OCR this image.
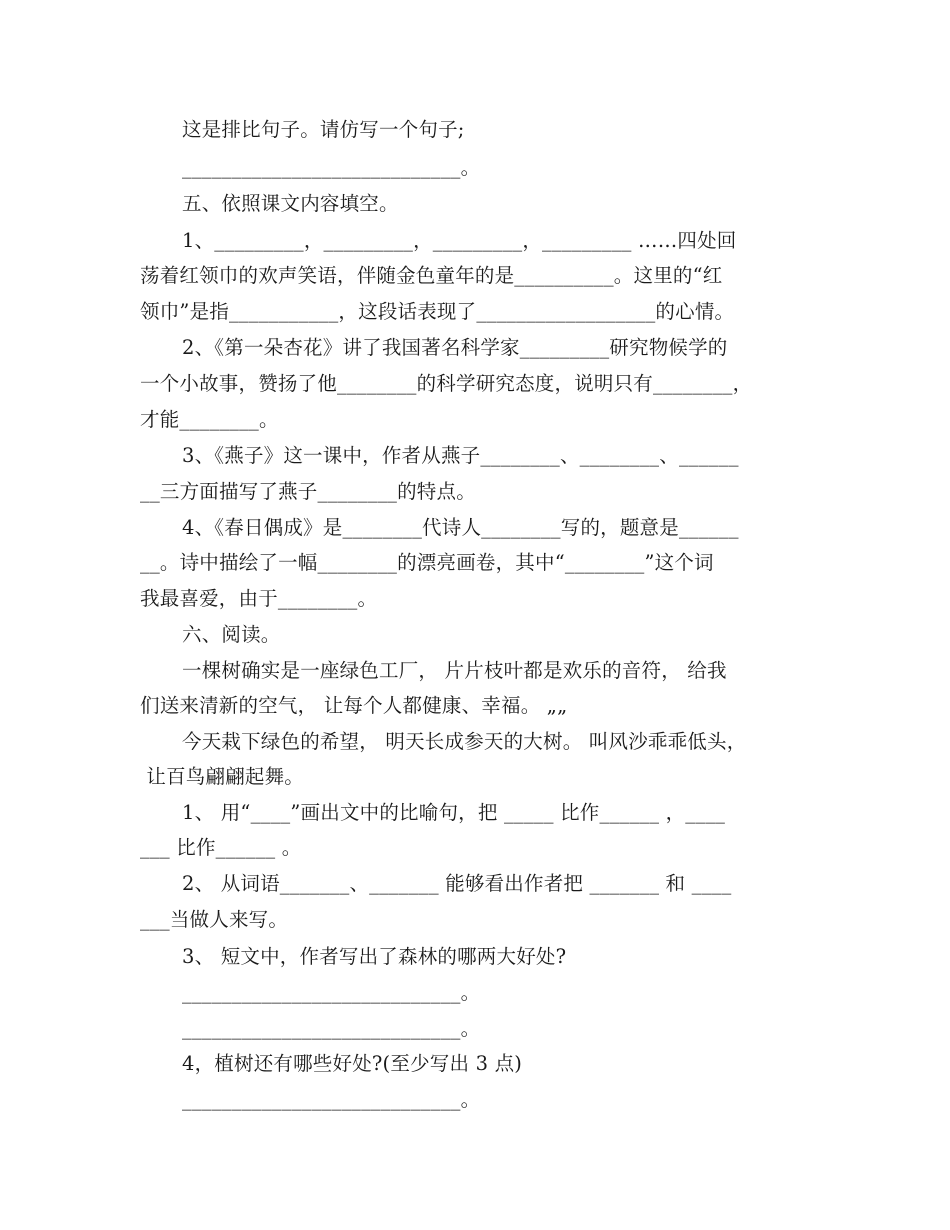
这是排比句子。请仿写一个句子;
____________________________。
五、依照课文内容填空。
1、_________，_________，_________，_________ ……四处回
荡着红领巾的欢声笑语，伴随金色童年的是__________。这里的“红
领巾”是指___________，这段话表现了__________________的心情。
2、《第一朵杏花》讲了我国著名科学家_________研究物候学的
一个小故事，赞扬了他________的科学研究态度，说明只有________，
才能________。
3、《燕子》这一课中，作者从燕子________、________、______
__三方面描写了燕子________的特点。
4、《春日偶成》是________代诗人________写的，题意是______
__。诗中描绘了一幅________的漂亮画卷，其中“________”这个词
我最喜爱，由于________。
六、阅读。
一棵树确实是一座绿色工厂， 片片枝叶都是欢乐的音符， 给我
们送来清新的空气， 让每个人都健康、幸福。 „„
今天栽下绿色的希望， 明天长成参天的大树。 叫风沙乖乖低头，
让百鸟翩翩起舞。
1、 用“____”画出文中的比喻句，把 _____ 比作______ ，____
___ 比作______ 。
2、 从词语_______、_______ 能够看出作者把 _______ 和 ____
___当做人来写。
3、 短文中，作者写出了森林的哪两大好处?
____________________________。
____________________________。
4，植树还有哪些好处?(至少写出 3 点)
____________________________。
